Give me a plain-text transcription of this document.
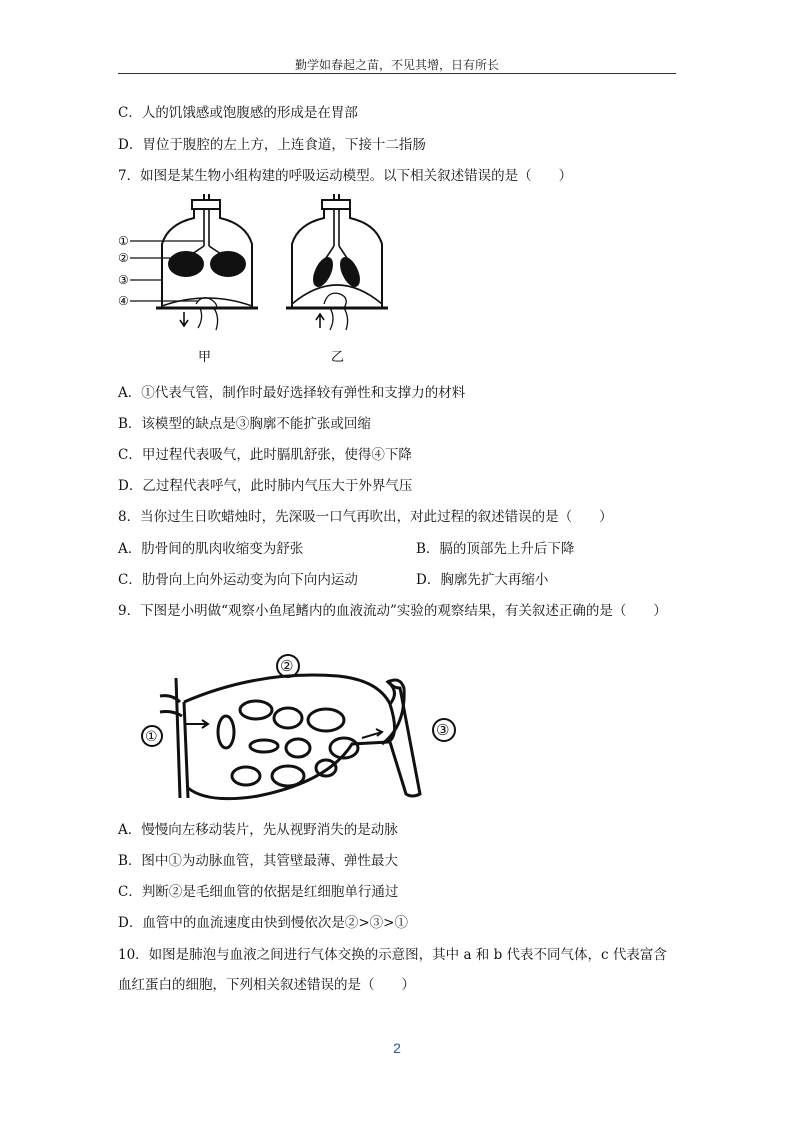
勤学如春起之苗，不见其增，日有所长
C．人的饥饿感或饱腹感的形成是在胃部
D．胃位于腹腔的左上方，上连食道，下接十二指肠
7．如图是某生物小组构建的呼吸运动模型。以下相关叙述错误的是（　　）
①
②
③
④
甲	乙
A．①代表气管，制作时最好选择较有弹性和支撑力的材料
B．该模型的缺点是③胸廓不能扩张或回缩
C．甲过程代表吸气，此时膈肌舒张，使得④下降
D．乙过程代表呼气，此时肺内气压大于外界气压
8．当你过生日吹蜡烛时，先深吸一口气再吹出，对此过程的叙述错误的是（　　）
A．肋骨间的肌肉收缩变为舒张	B．膈的顶部先上升后下降
C．肋骨向上向外运动变为向下向内运动	D．胸廓先扩大再缩小
9．下图是小明做“观察小鱼尾鳍内的血液流动”实验的观察结果，有关叙述正确的是（　　）
①
②
③
A．慢慢向左移动装片，先从视野消失的是动脉
B．图中①为动脉血管，其管壁最薄、弹性最大
C．判断②是毛细血管的依据是红细胞单行通过
D．血管中的血流速度由快到慢依次是②>③>①
10．如图是肺泡与血液之间进行气体交换的示意图，其中 a 和 b 代表不同气体，c 代表富含
血红蛋白的细胞，下列相关叙述错误的是（　　）
2
